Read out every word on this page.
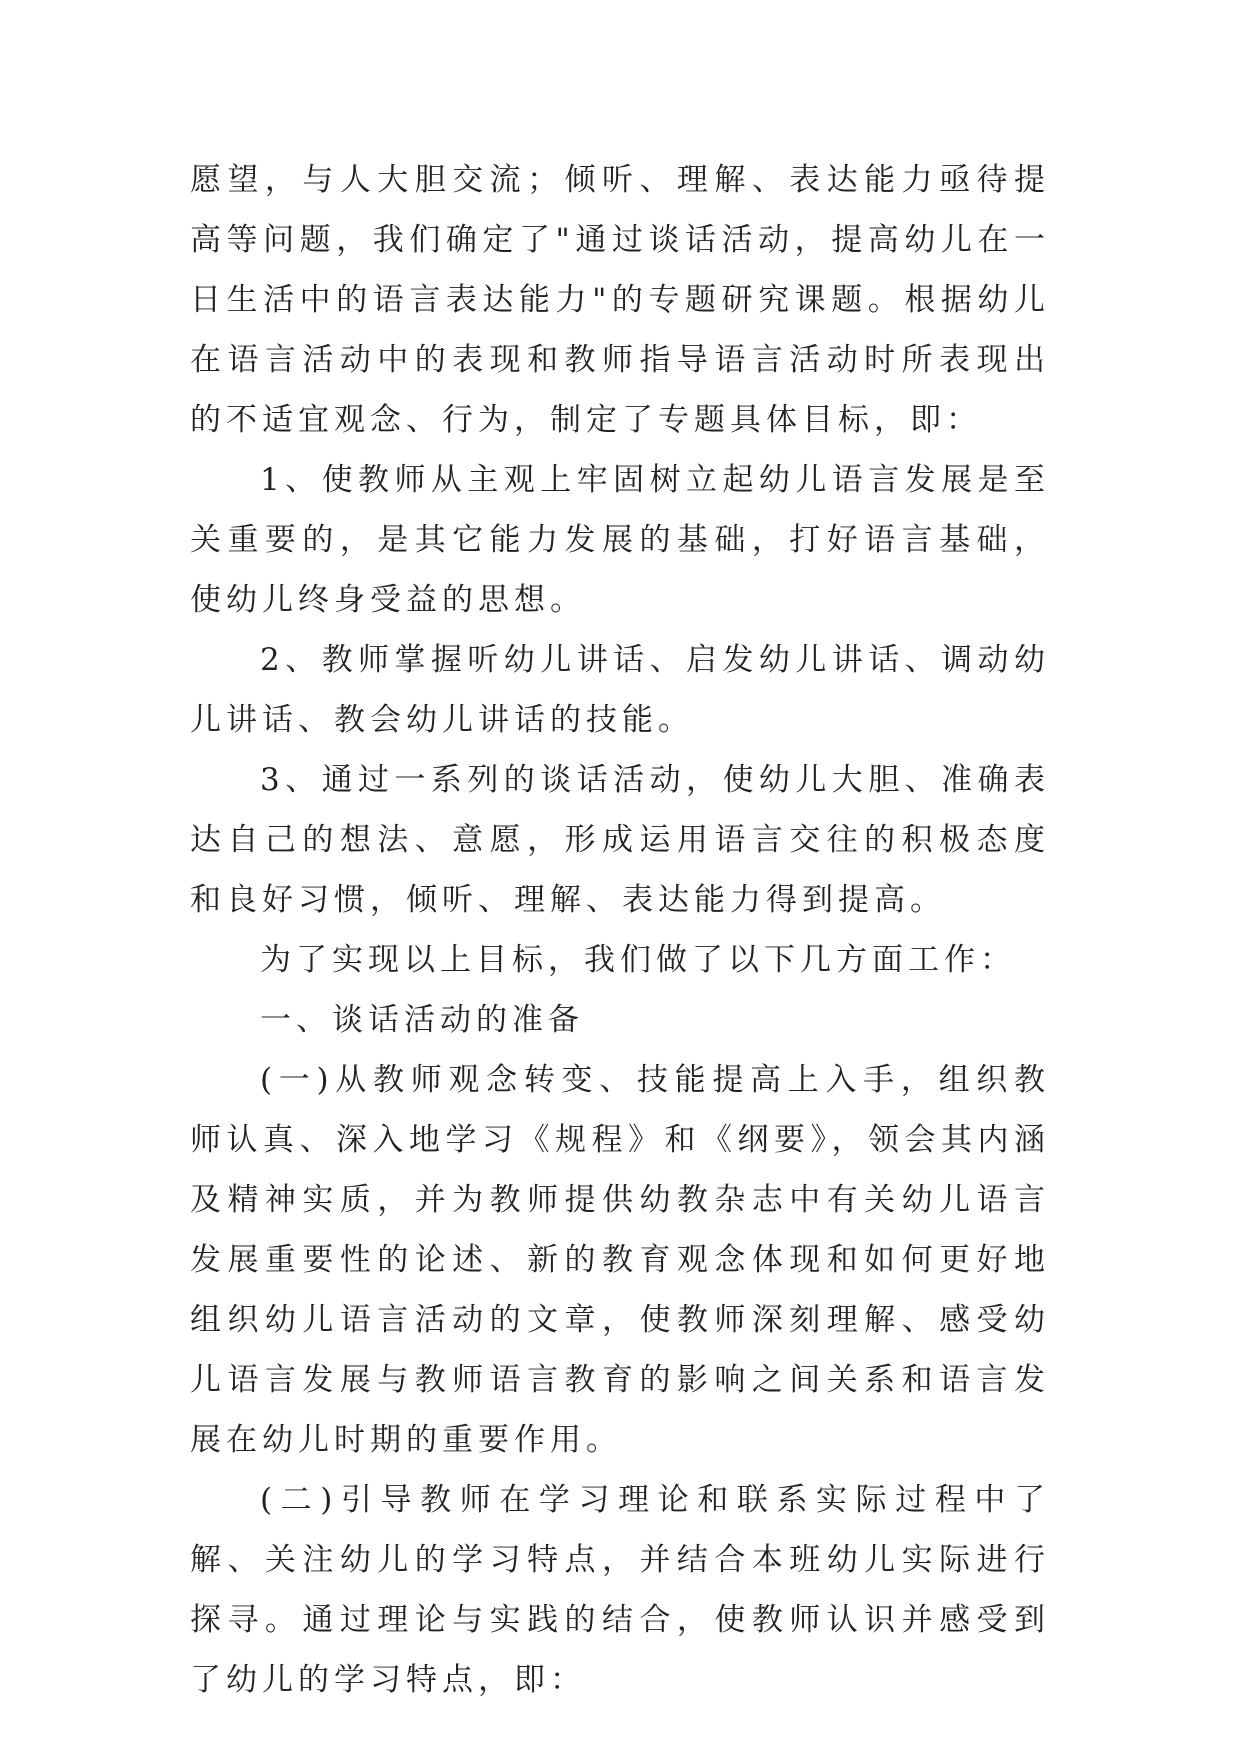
愿望，与人大胆交流；倾听、理解、表达能力亟待提高等问题，我们确定了"通过谈话活动，提高幼儿在一日生活中的语言表达能力"的专题研究课题。根据幼儿在语言活动中的表现和教师指导语言活动时所表现出的不适宜观念、行为，制定了专题具体目标，即：

1、使教师从主观上牢固树立起幼儿语言发展是至关重要的，是其它能力发展的基础，打好语言基础，使幼儿终身受益的思想。

2、教师掌握听幼儿讲话、启发幼儿讲话、调动幼儿讲话、教会幼儿讲话的技能。

3、通过一系列的谈话活动，使幼儿大胆、准确表达自己的想法、意愿，形成运用语言交往的积极态度和良好习惯，倾听、理解、表达能力得到提高。

为了实现以上目标，我们做了以下几方面工作：

一、谈话活动的准备

(一)从教师观念转变、技能提高上入手，组织教师认真、深入地学习《规程》和《纲要》，领会其内涵及精神实质，并为教师提供幼教杂志中有关幼儿语言发展重要性的论述、新的教育观念体现和如何更好地组织幼儿语言活动的文章，使教师深刻理解、感受幼儿语言发展与教师语言教育的影响之间关系和语言发展在幼儿时期的重要作用。

(二)引导教师在学习理论和联系实际过程中了解、关注幼儿的学习特点，并结合本班幼儿实际进行探寻。通过理论与实践的结合，使教师认识并感受到了幼儿的学习特点，即：
